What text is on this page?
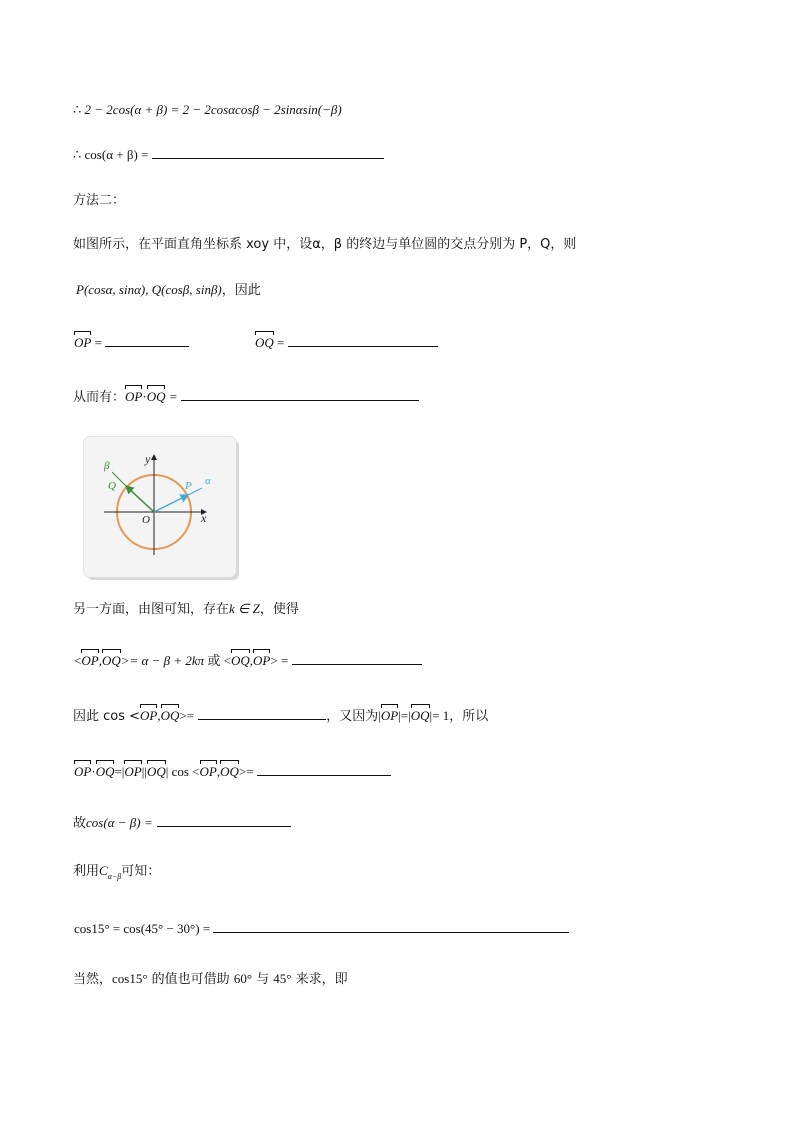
∴ 2 − 2cos(α + β) = 2 − 2cosαcosβ − 2sinαsin(−β)
∴ cos(α + β) =
方法二：
如图所示，在平面直角坐标系 xoy 中，设α，β 的终边与单位圆的交点分别为 P，Q，则
P(cosα, sinα), Q(cosβ, sinβ)，因此
OP =	OQ =
从而有：OP·OQ =
y
x
O
P α
Q
β
另一方面，由图可知，存在k ∈ Z，使得
<OP,OQ>= α − β + 2kπ 或 <OQ,OP> =
因此 cos <OP,OQ>=	，又因为|OP|=|OQ|= 1，所以
OP·OQ=|OP||OQ| cos <OP,OQ>=
故cos(α − β) =
利用$C_{\alpha-\beta}$可知：
cos15° = cos(45° − 30°) =
当然，cos15° 的值也可借助 60° 与 45° 来求，即
